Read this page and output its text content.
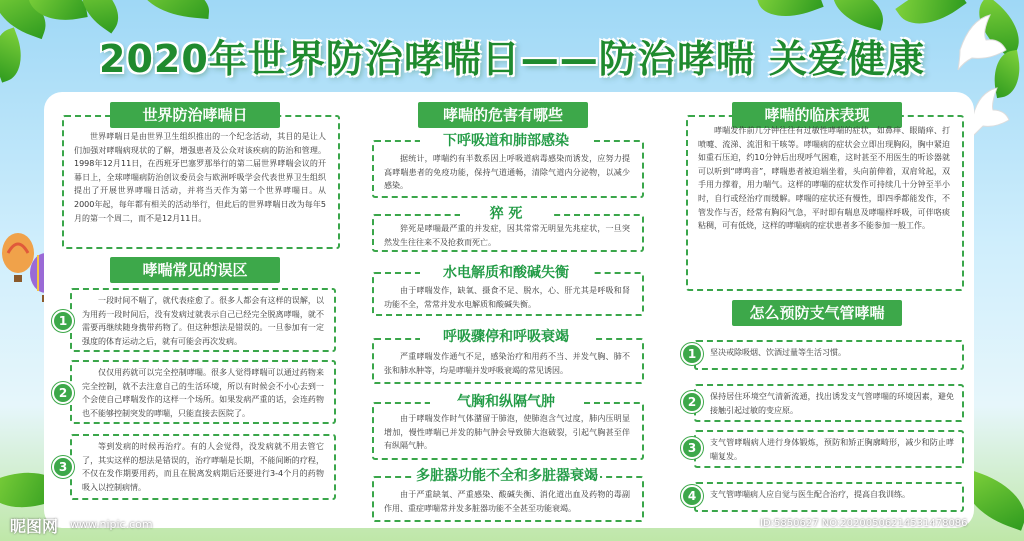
2020年世界防治哮喘日——防治哮喘 关爱健康
世界防治哮喘日
世界哮喘日是由世界卫生组织推出的一个纪念活动，其目的是让人们加强对哮喘病现状的了解，增强患者及公众对该疾病的防治和管理。1998年12月11日，在西班牙巴塞罗那举行的第二届世界哮喘会议的开幕日上，全球哮喘病防治创议委员会与欧洲呼吸学会代表世界卫生组织提出了开展世界哮喘日活动，并将当天作为第一个世界哮喘日。从2000年起，每年都有相关的活动举行，但此后的世界哮喘日改为每年5月的第一个周二，而不是12月11日。
哮喘常见的误区
1
一段时间不喘了，就代表痊愈了。很多人都会有这样的误解，以为用药一段时间后，没有发病过就表示自己已经完全脱离哮喘，就不需要再继续随身携带药物了。但这种想法是错误的。一旦参加有一定强度的体育运动之后，就有可能会再次发病。
2
仅仅用药就可以完全控制哮喘。很多人觉得哮喘可以通过药物来完全控制，就不去注意自己的生活环境，所以有时候会不小心去到一个会使自己哮喘发作的这样一个场所。如果发病严重的话，会连药物也不能够控制突发的哮喘，只能直接去医院了。
3
等到发病的时候再治疗。有的人会觉得，没发病就不用去管它了，其实这样的想法是错误的，治疗哮喘是长期，不能间断的疗程，不仅在发作期要用药，而且在脱离发病期后还要进行3-4个月的药物吸入以控制病情。
哮喘的危害有哪些
下呼吸道和肺部感染
据统计，哮喘约有半数系因上呼吸道病毒感染而诱发，应努力提高哮喘患者的免疫功能，保持气道通畅，清除气道内分泌物，以减少感染。
猝 死
猝死是哮喘最严重的并发症，因其常常无明显先兆症状，一旦突然发生往往来不及抢救而死亡。
水电解质和酸碱失衡
由于哮喘发作，缺氧、摄食不足、脱水，心、肝尤其是呼吸和肾功能不全，常常并发水电解质和酸碱失衡。
呼吸骤停和呼吸衰竭
严重哮喘发作通气不足，感染治疗和用药不当、并发气胸、肺不张和肺水肿等，均是哮喘并发呼吸衰竭的常见诱因。
气胸和纵隔气肿
由于哮喘发作时气体潴留于肺泡，使肺泡含气过度，肺内压明显增加，慢性哮喘已并发的肺气肿会导致肺大泡破裂，引起气胸甚至伴有纵隔气肿。
多脏器功能不全和多脏器衰竭
由于严重缺氧、严重感染、酸碱失衡、消化道出血及药物的毒副作用、重症哮喘常并发多脏器功能不全甚至功能衰竭。
哮喘的临床表现
哮喘发作前几分钟往往有过敏性哮喘的症状，如鼻痒、眼睛痒、打喷嚏、流涕、流泪和干咳等。哮喘病的症状会立即出现胸闷，胸中紧迫如重石压迫，约10分钟后出现呼气困难，这时甚至不用医生的听诊器就可以听到“哮鸣音”，哮喘患者被迫端坐着，头向前伸着，双肩耸起，双手用力撑着，用力喘气。这样的哮喘的症状发作可持续几十分钟至半小时，自行或经治疗而缓解。哮喘的症状还有慢性，即四季都能发作，不管发作与否，经常有胸闷气急，平时即有喘息及哮喘样呼吸，可伴咯痰粘稠，可有低烧，这样的哮喘病的症状患者多不能参加一般工作。
怎么预防支气管哮喘
1	坚决戒除吸烟、饮酒过量等生活习惯。
2	保持居住环境空气清新流通，找出诱发支气管哮喘的环境因素，避免接触引起过敏的变应原。
3	支气管哮喘病人进行身体锻炼，预防和矫正胸廓畸形，减少和防止哮喘复发。
4	支气管哮喘病人应自觉与医生配合治疗，提高自我训练。
昵图网 www.nipic.com	ID:5850627 NO:20200506214531478086
